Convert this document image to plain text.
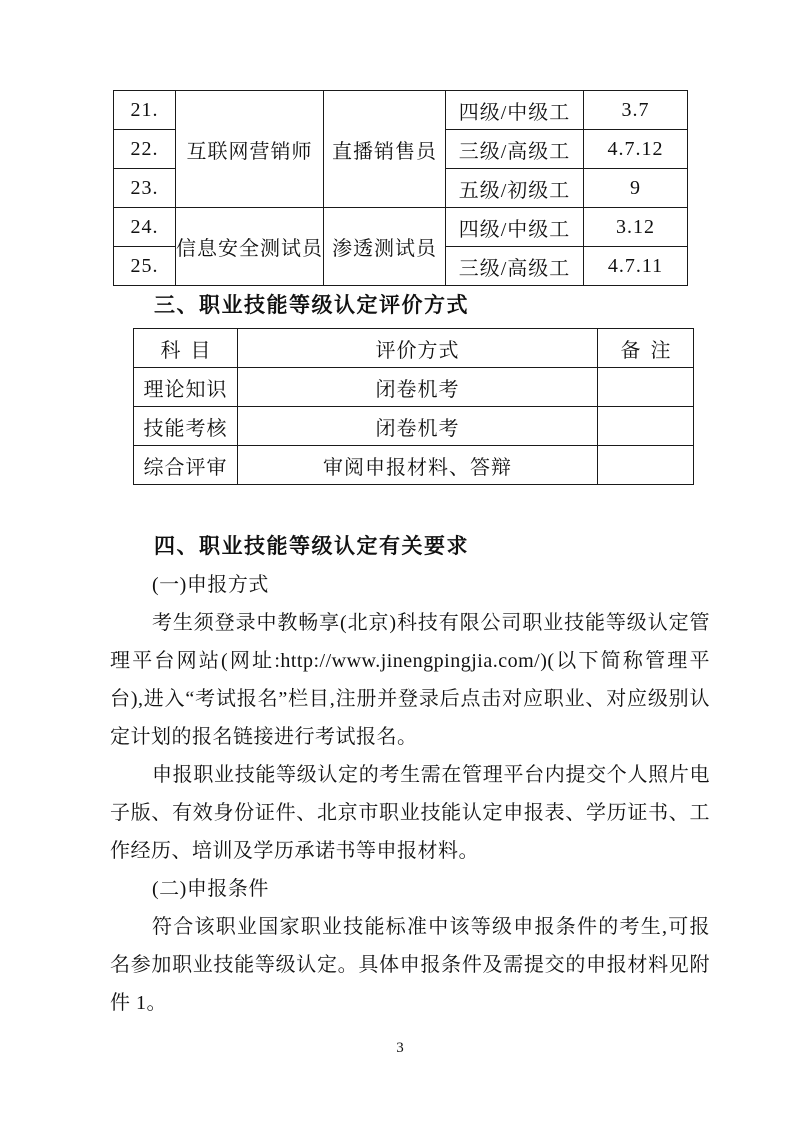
21.	互联网营销师	直播销售员	四级/中级工	3.7
22.			三级/高级工	4.7.12
23.			五级/初级工	9
24.	信息安全测试员	渗透测试员	四级/中级工	3.12
25.			三级/高级工	4.7.11
三、职业技能等级认定评价方式
科目	评价方式	备注
理论知识	闭卷机考	
技能考核	闭卷机考	
综合评审	审阅申报材料、答辩	
四、职业技能等级认定有关要求
(一)申报方式
考生须登录中教畅享(北京)科技有限公司职业技能等级认定管理平台网站(网址:http://www.jinengpingjia.com/)(以下简称管理平台),进入“考试报名”栏目,注册并登录后点击对应职业、对应级别认定计划的报名链接进行考试报名。
申报职业技能等级认定的考生需在管理平台内提交个人照片电子版、有效身份证件、北京市职业技能认定申报表、学历证书、工作经历、培训及学历承诺书等申报材料。
(二)申报条件
符合该职业国家职业技能标准中该等级申报条件的考生,可报名参加职业技能等级认定。具体申报条件及需提交的申报材料见附件 1。
3
